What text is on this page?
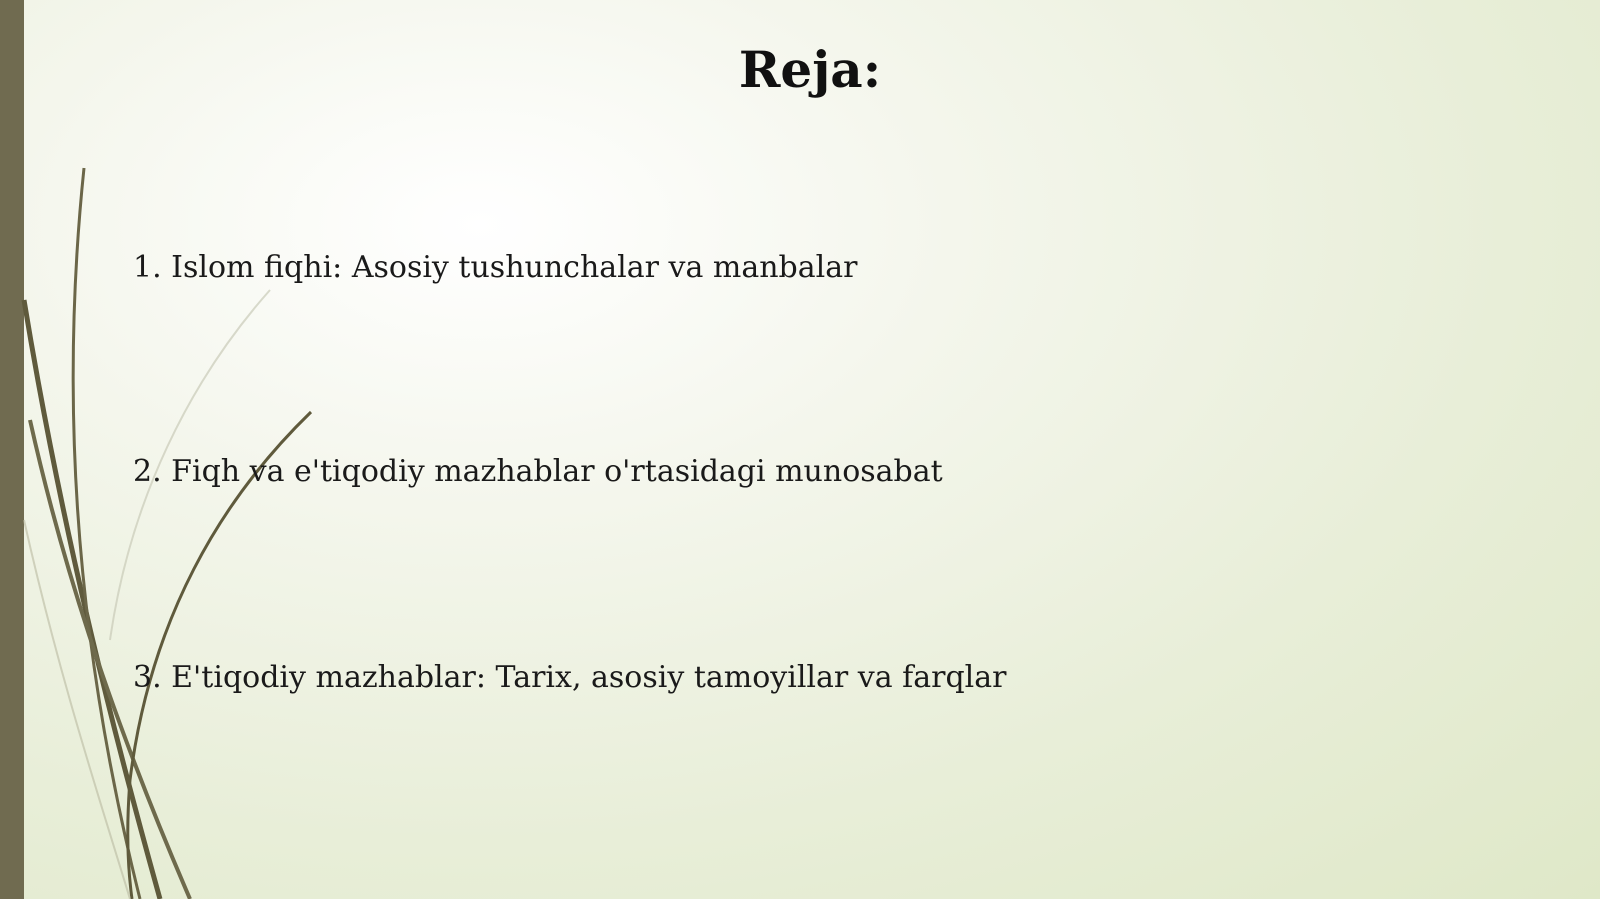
Reja:

1. Islom fiqhi: Asosiy tushunchalar va manbalar

2. Fiqh va e'tiqodiy mazhablar o'rtasidagi munosabat

3. E'tiqodiy mazhablar: Tarix, asosiy tamoyillar va farqlar
